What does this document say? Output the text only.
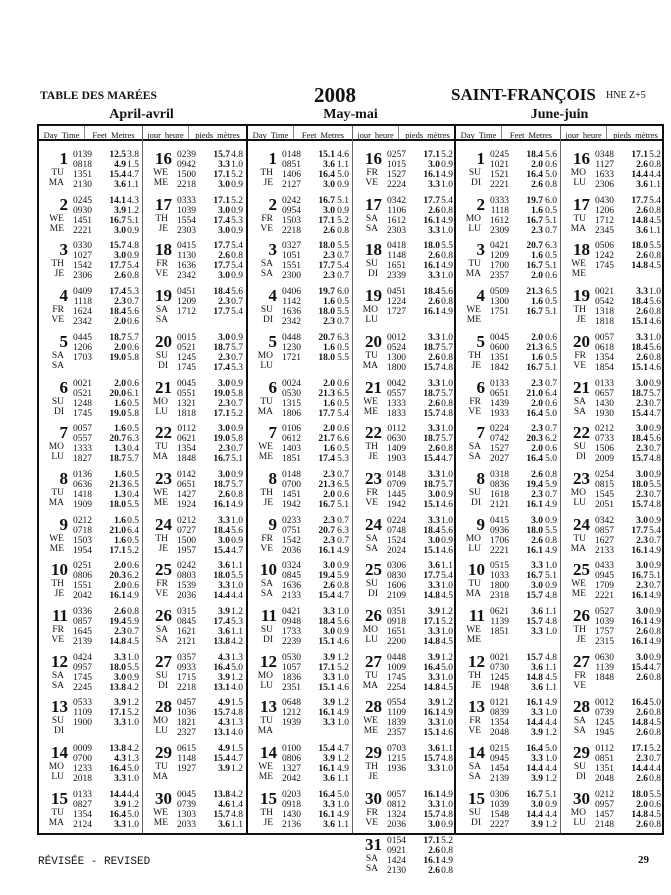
TABLE DES MARÉES	2008	SAINT-FRANÇOIS HNE Z+5
April-avril	May-mai	June-juin
Day Time	Feet Metres
1
TU
MA
0139	12.5 3.8
0818	4.9 1.5
1351	15.4 4.7
2130	3.6 1.1
2
WE
ME
0245	14.1 4.3
0930	3.9 1.2
1451	16.7 5.1
2221	3.0 0.9
3
TH
JE
0330	15.7 4.8
1027	3.0 0.9
1542	17.7 5.4
2306	2.6 0.8
4
FR
VE
0409	17.4 5.3
1118	2.3 0.7
1624	18.4 5.6
2342	2.0 0.6
5
SA
SA
0445	18.7 5.7
1206	2.0 0.6
1703	19.0 5.8
6
SU
DI
0021	2.0 0.6
0521	20.0 6.1
1248	1.6 0.5
1745	19.0 5.8
7
MO
LU
0057	1.6 0.5
0557	20.7 6.3
1333	1.3 0.4
1827	18.7 5.7
8
TU
MA
0136	1.6 0.5
0636	21.3 6.5
1418	1.3 0.4
1909	18.0 5.5
9
WE
ME
0212	1.6 0.5
0718	21.0 6.4
1503	1.6 0.5
1954	17.1 5.2
10
TH
JE
0251	2.0 0.6
0806	20.3 6.2
1551	2.0 0.6
2042	16.1 4.9
11
FR
VE
0336	2.6 0.8
0857	19.4 5.9
1645	2.3 0.7
2139	14.8 4.5
12
SA
SA
0424	3.3 1.0
0957	18.0 5.5
1745	3.0 0.9
2245	13.8 4.2
13
SU
DI
0533	3.9 1.2
1109	17.1 5.2
1900	3.3 1.0
14
MO
LU
0009	13.8 4.2
0700	4.3 1.3
1233	16.4 5.0
2018	3.3 1.0
15
TU
MA
0133	14.4 4.4
0827	3.9 1.2
1354	16.4 5.0
2124	3.3 1.0
jour heure	pieds mètres
16
WE
ME
0239	15.7 4.8
0942	3.3 1.0
1500	17.1 5.2
2218	3.0 0.9
17
TH
JE
0333	17.1 5.2
1039	3.0 0.9
1554	17.4 5.3
2303	3.0 0.9
18
FR
VE
0415	17.7 5.4
1130	2.6 0.8
1636	17.7 5.4
2342	3.0 0.9
19
SA
SA
0451	18.4 5.6
1209	2.3 0.7
1712	17.7 5.4
20
SU
DI
0015	3.0 0.9
0521	18.7 5.7
1245	2.3 0.7
1745	17.4 5.3
21
MO
LU
0045	3.0 0.9
0551	19.0 5.8
1321	2.3 0.7
1818	17.1 5.2
22
TU
MA
0112	3.0 0.9
0621	19.0 5.8
1354	2.3 0.7
1848	16.7 5.1
23
WE
ME
0142	3.0 0.9
0651	18.7 5.7
1427	2.6 0.8
1924	16.1 4.9
24
TH
JE
0212	3.3 1.0
0727	18.4 5.6
1500	3.0 0.9
1957	15.4 4.7
25
FR
VE
0242	3.6 1.1
0803	18.0 5.5
1539	3.3 1.0
2036	14.4 4.4
26
SA
SA
0315	3.9 1.2
0845	17.4 5.3
1621	3.6 1.1
2121	13.8 4.2
27
SU
DI
0357	4.3 1.3
0933	16.4 5.0
1715	3.9 1.2
2218	13.1 4.0
28
MO
LU
0457	4.9 1.5
1036	15.7 4.8
1821	4.3 1.3
2327	13.1 4.0
29
TU
MA
0615	4.9 1.5
1148	15.4 4.7
1927	3.9 1.2
30
WE
ME
0045	13.8 4.2
0739	4.6 1.4
1303	15.7 4.8
2033	3.6 1.1
Day Time	Feet Metres
1
TH
JE
0148	15.1 4.6
0851	3.6 1.1
1406	16.4 5.0
2127	3.0 0.9
2
FR
VE
0242	16.7 5.1
0954	3.0 0.9
1503	17.1 5.2
2218	2.6 0.8
3
SA
SA
0327	18.0 5.5
1051	2.3 0.7
1551	17.7 5.4
2300	2.3 0.7
4
SU
DI
0406	19.7 6.0
1142	1.6 0.5
1636	18.0 5.5
2342	2.3 0.7
5
MO
LU
0448	20.7 6.3
1230	1.6 0.5
1721	18.0 5.5
6
TU
MA
0024	2.0 0.6
0530	21.3 6.5
1315	1.6 0.5
1806	17.7 5.4
7
WE
ME
0106	2.0 0.6
0612	21.7 6.6
1403	1.6 0.5
1851	17.4 5.3
8
TH
JE
0148	2.3 0.7
0700	21.3 6.5
1451	2.0 0.6
1942	16.7 5.1
9
FR
VE
0233	2.3 0.7
0751	20.7 6.3
1542	2.3 0.7
2036	16.1 4.9
10
SA
SA
0324	3.0 0.9
0845	19.4 5.9
1636	2.6 0.8
2133	15.4 4.7
11
SU
DI
0421	3.3 1.0
0948	18.4 5.6
1733	3.0 0.9
2239	15.1 4.6
12
MO
LU
0530	3.9 1.2
1057	17.1 5.2
1836	3.3 1.0
2351	15.1 4.6
13
TU
MA
0648	3.9 1.2
1212	16.1 4.9
1939	3.3 1.0
14
WE
ME
0100	15.4 4.7
0806	3.9 1.2
1327	16.1 4.9
2042	3.6 1.1
15
TH
JE
0203	16.4 5.0
0918	3.3 1.0
1430	16.1 4.9
2136	3.6 1.1
jour heure	pieds mètres
16
FR
VE
0257	17.1 5.2
1015	3.0 0.9
1527	16.1 4.9
2224	3.3 1.0
17
SA
SA
0342	17.7 5.4
1106	2.6 0.8
1612	16.1 4.9
2303	3.3 1.0
18
SU
DI
0418	18.0 5.5
1148	2.6 0.8
1651	16.1 4.9
2339	3.3 1.0
19
MO
LU
0451	18.4 5.6
1224	2.6 0.8
1727	16.1 4.9
20
TU
MA
0012	3.3 1.0
0524	18.7 5.7
1300	2.6 0.8
1800	15.7 4.8
21
WE
ME
0042	3.3 1.0
0557	18.7 5.7
1333	2.6 0.8
1833	15.7 4.8
22
TH
JE
0112	3.3 1.0
0630	18.7 5.7
1409	2.6 0.8
1903	15.4 4.7
23
FR
VE
0148	3.3 1.0
0709	18.7 5.7
1445	3.0 0.9
1942	15.1 4.6
24
SA
SA
0224	3.3 1.0
0748	18.4 5.6
1524	3.0 0.9
2024	15.1 4.6
25
SU
DI
0306	3.6 1.1
0830	17.7 5.4
1606	3.3 1.0
2109	14.8 4.5
26
MO
LU
0351	3.9 1.2
0918	17.1 5.2
1651	3.3 1.0
2200	14.8 4.5
27
TU
MA
0448	3.9 1.2
1009	16.4 5.0
1745	3.3 1.0
2254	14.8 4.5
28
WE
ME
0554	3.9 1.2
1109	16.1 4.9
1839	3.3 1.0
2357	15.1 4.6
29
TH
JE
0703	3.6 1.1
1215	15.7 4.8
1936	3.3 1.0
30
FR
VE
0057	16.1 4.9
0812	3.3 1.0
1324	15.7 4.8
2036	3.0 0.9
31
SA
SA
0154	17.1 5.2
0921	2.6 0.8
1424	16.1 4.9
2130	2.6 0.8
Day Time	Feet Metres
1
SU
DI
0245	18.4 5.6
1021	2.0 0.6
1521	16.4 5.0
2221	2.6 0.8
2
MO
LU
0333	19.7 6.0
1118	1.6 0.5
1612	16.7 5.1
2309	2.3 0.7
3
TU
MA
0421	20.7 6.3
1209	1.6 0.5
1700	16.7 5.1
2357	2.0 0.6
4
WE
ME
0509	21.3 6.5
1300	1.6 0.5
1751	16.7 5.1
5
TH
JE
0045	2.0 0.6
0600	21.3 6.5
1351	1.6 0.5
1842	16.7 5.1
6
FR
VE
0133	2.3 0.7
0651	21.0 6.4
1439	2.0 0.6
1933	16.4 5.0
7
SA
SA
0224	2.3 0.7
0742	20.3 6.2
1527	2.0 0.6
2027	16.4 5.0
8
SU
DI
0318	2.6 0.8
0836	19.4 5.9
1618	2.3 0.7
2121	16.1 4.9
9
MO
LU
0415	3.0 0.9
0936	18.0 5.5
1706	2.6 0.8
2221	16.1 4.9
10
TU
MA
0515	3.3 1.0
1033	16.7 5.1
1800	3.0 0.9
2318	15.7 4.8
11
WE
ME
0621	3.6 1.1
1139	15.7 4.8
1851	3.3 1.0
12
TH
JE
0021	15.7 4.8
0730	3.6 1.1
1245	14.8 4.5
1948	3.6 1.1
13
FR
VE
0121	16.1 4.9
0839	3.3 1.0
1354	14.4 4.4
2048	3.9 1.2
14
SA
SA
0215	16.4 5.0
0945	3.3 1.0
1454	14.4 4.4
2139	3.9 1.2
15
SU
DI
0306	16.7 5.1
1039	3.0 0.9
1548	14.4 4.4
2227	3.9 1.2
jour heure	pieds mètres
16
MO
LU
0348	17.1 5.2
1127	2.6 0.8
1633	14.4 4.4
2306	3.6 1.1
17
TU
MA
0430	17.7 5.4
1206	2.6 0.8
1712	14.8 4.5
2345	3.6 1.1
18
WE
ME
0506	18.0 5.5
1242	2.6 0.8
1745	14.8 4.5
19
TH
JE
0021	3.3 1.0
0542	18.4 5.6
1318	2.6 0.8
1818	15.1 4.6
20
FR
VE
0057	3.3 1.0
0618	18.4 5.6
1354	2.6 0.8
1854	15.1 4.6
21
SA
SA
0133	3.0 0.9
0657	18.7 5.7
1430	2.3 0.7
1930	15.4 4.7
22
SU
DI
0212	3.0 0.9
0733	18.4 5.6
1506	2.3 0.7
2009	15.7 4.8
23
MO
LU
0254	3.0 0.9
0815	18.0 5.5
1545	2.3 0.7
2051	15.7 4.8
24
TU
MA
0342	3.0 0.9
0857	17.7 5.4
1627	2.3 0.7
2133	16.1 4.9
25
WE
ME
0433	3.0 0.9
0945	16.7 5.1
1709	2.3 0.7
2221	16.1 4.9
26
TH
JE
0527	3.0 0.9
1039	16.1 4.9
1757	2.6 0.8
2315	16.1 4.9
27
FR
VE
0630	3.0 0.9
1139	15.4 4.7
1848	2.6 0.8
28
SA
SA
0012	16.4 5.0
0739	2.6 0.8
1245	14.8 4.5
1945	2.6 0.8
29
SU
DI
0112	17.1 5.2
0851	2.3 0.7
1351	14.4 4.4
2048	2.6 0.8
30
MO
LU
0212	18.0 5.5
0957	2.0 0.6
1457	14.8 4.5
2148	2.6 0.8
RÉVISÉE - REVISED	29
